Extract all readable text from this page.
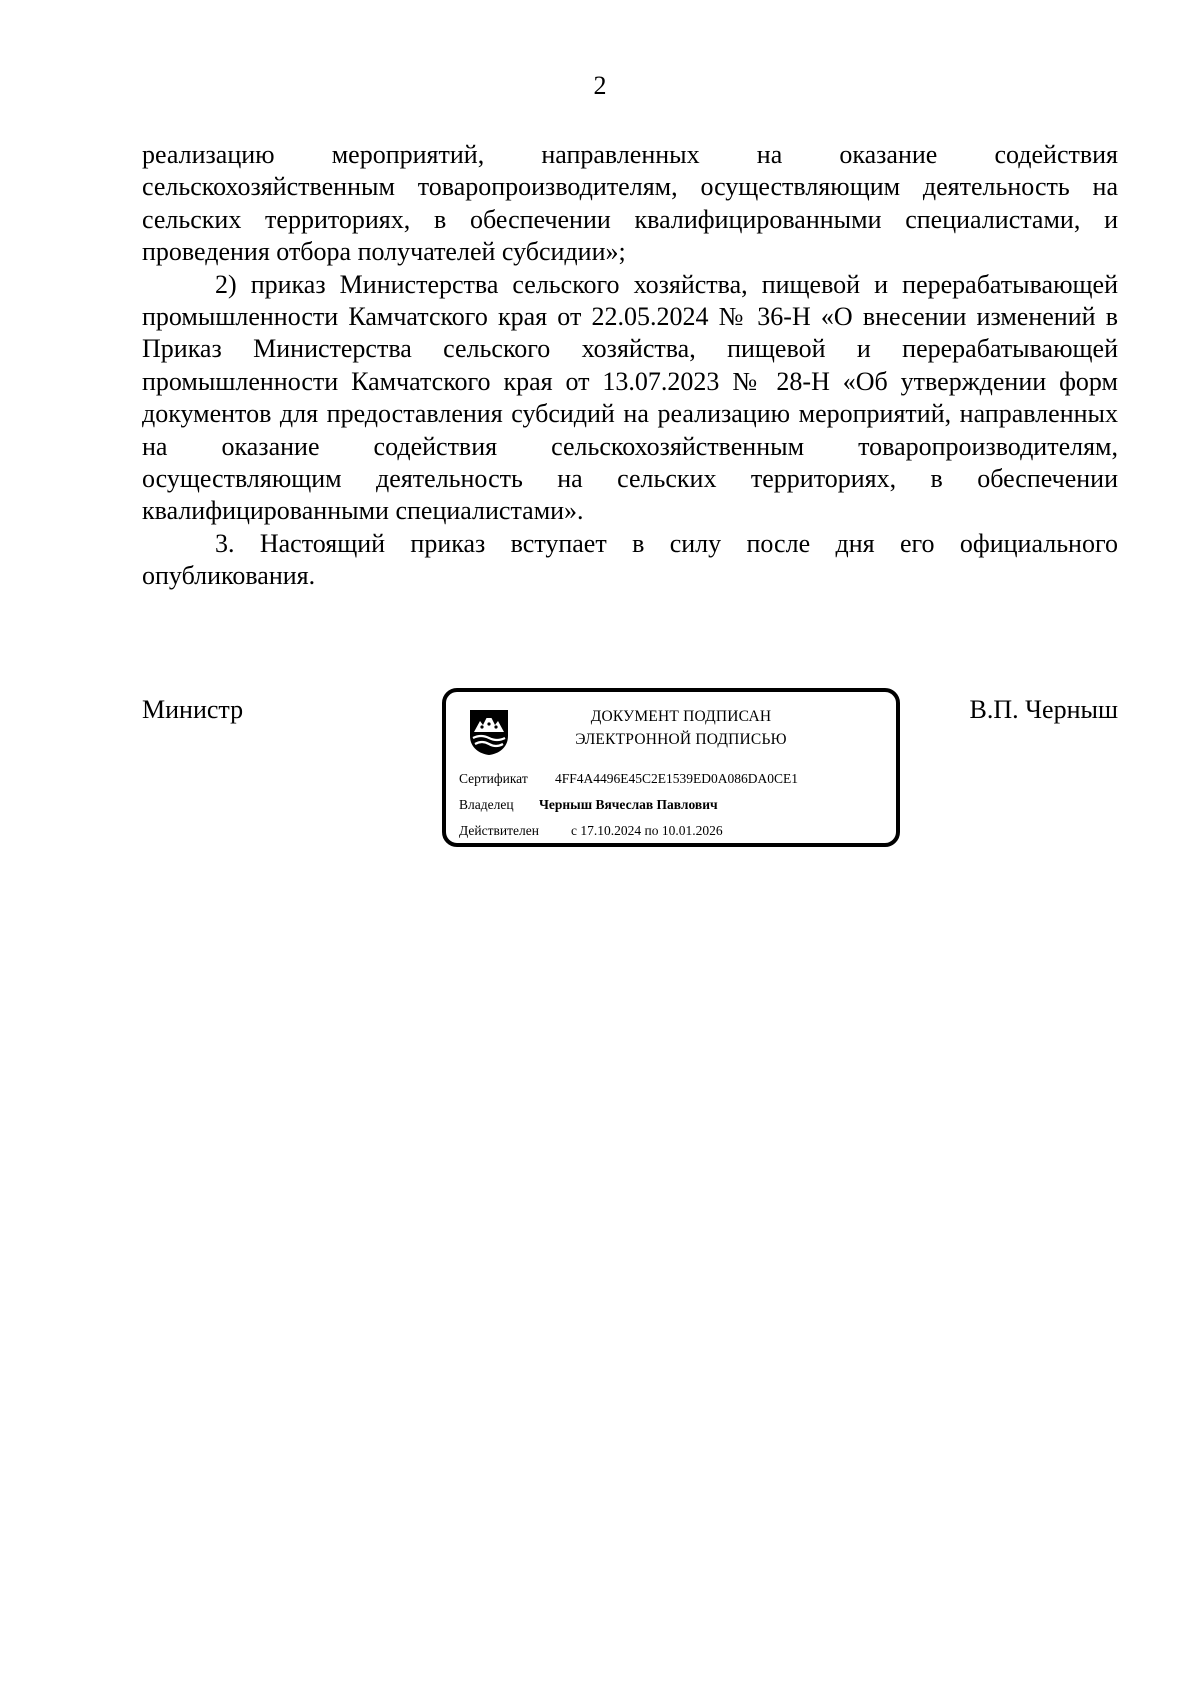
2

реализацию мероприятий, направленных на оказание содействия сельскохозяйственным товаропроизводителям, осуществляющим деятельность на сельских территориях, в обеспечении квалифицированными специалистами, и проведения отбора получателей субсидии»;

2) приказ Министерства сельского хозяйства, пищевой и перерабатывающей промышленности Камчатского края от 22.05.2024 № 36-Н «О внесении изменений в Приказ Министерства сельского хозяйства, пищевой и перерабатывающей промышленности Камчатского края от 13.07.2023 № 28-Н «Об утверждении форм документов для предоставления субсидий на реализацию мероприятий, направленных на оказание содействия сельскохозяйственным товаропроизводителям, осуществляющим деятельность на сельских территориях, в обеспечении квалифицированными специалистами».

3. Настоящий приказ вступает в силу после дня его официального опубликования.

Министр	ДОКУМЕНТ ПОДПИСАН
ЭЛЕКТРОННОЙ ПОДПИСЬЮ
Сертификат 4FF4A4496E45C2E1539ED0A086DA0CE1
Владелец Черныш Вячеслав Павлович
Действителен с 17.10.2024 по 10.01.2026
В.П. Черныш
